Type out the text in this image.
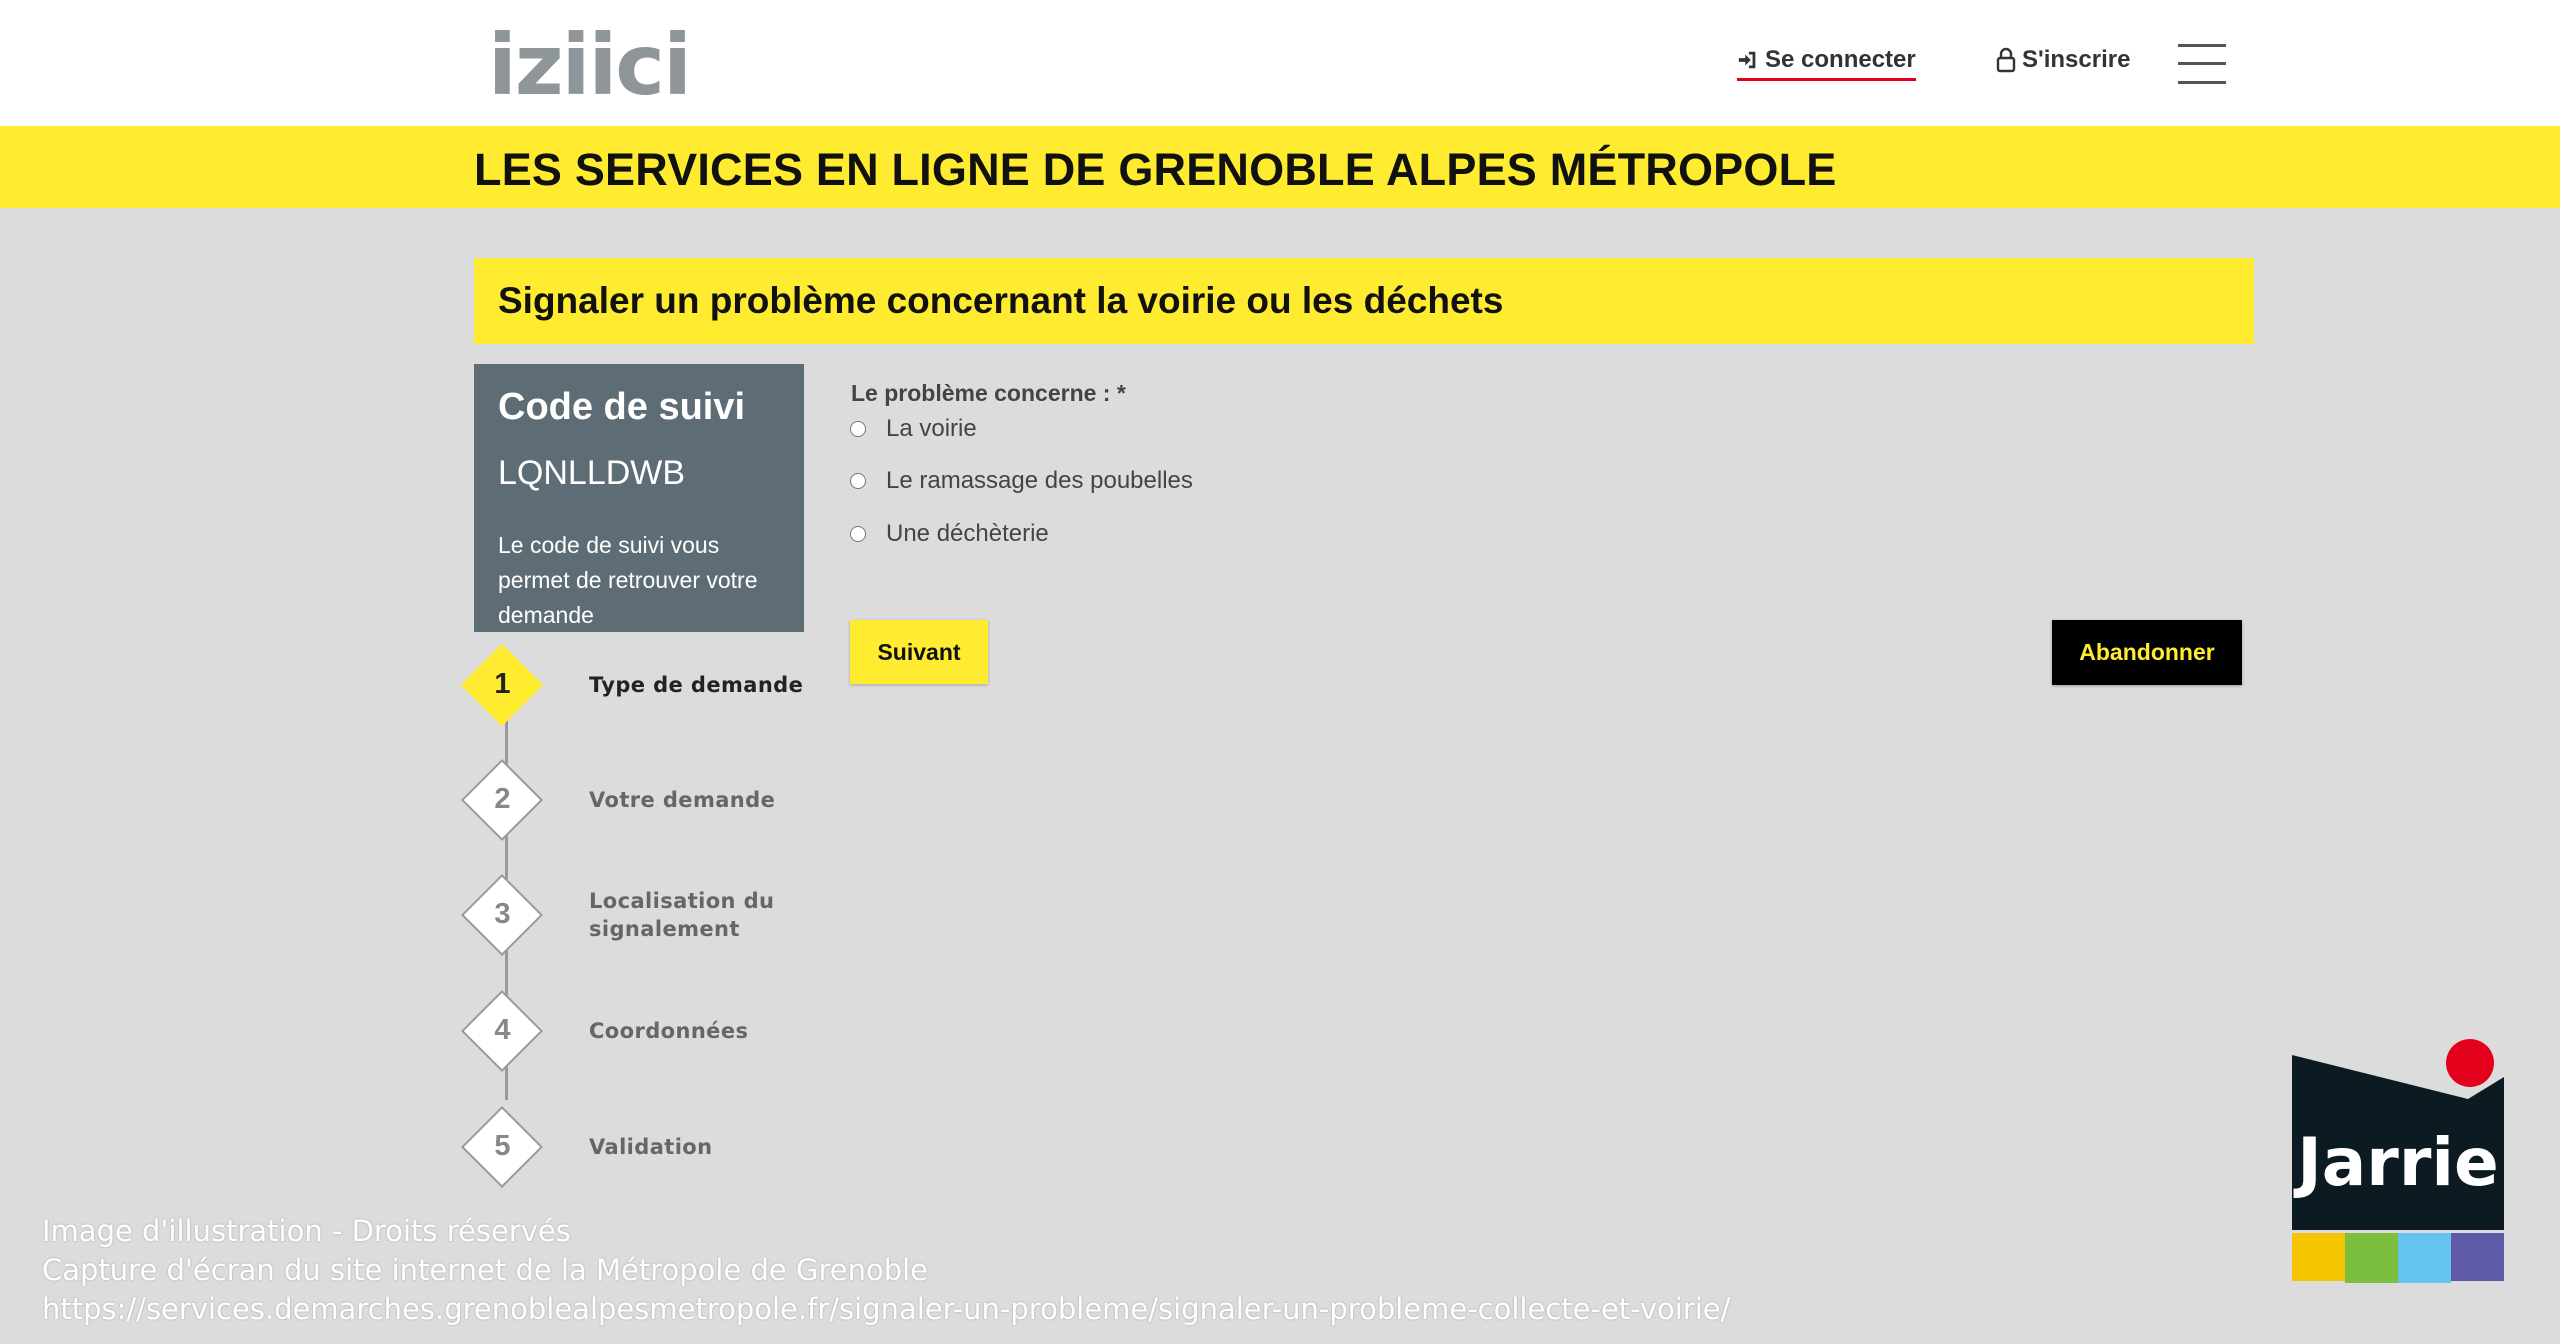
iziici	Se connecter	S'inscrire
LES SERVICES EN LIGNE DE GRENOBLE ALPES MÉTROPOLE
Signaler un problème concernant la voirie ou les déchets
Code de suivi
LQNLLDWB
Le code de suivi vous permet de retrouver votre demande
1	Type de demande
2	Votre demande
3	Localisation du signalement
4	Coordonnées
5	Validation
Le problème concerne : *
La voirie
Le ramassage des poubelles
Une déchèterie
Suivant	Abandonner
Image d'illustration - Droits réservés
Capture d'écran du site internet de la Métropole de Grenoble
https://services.demarches.grenoblealpesmetropole.fr/signaler-un-probleme/signaler-un-probleme-collecte-et-voirie/
Jarrie
